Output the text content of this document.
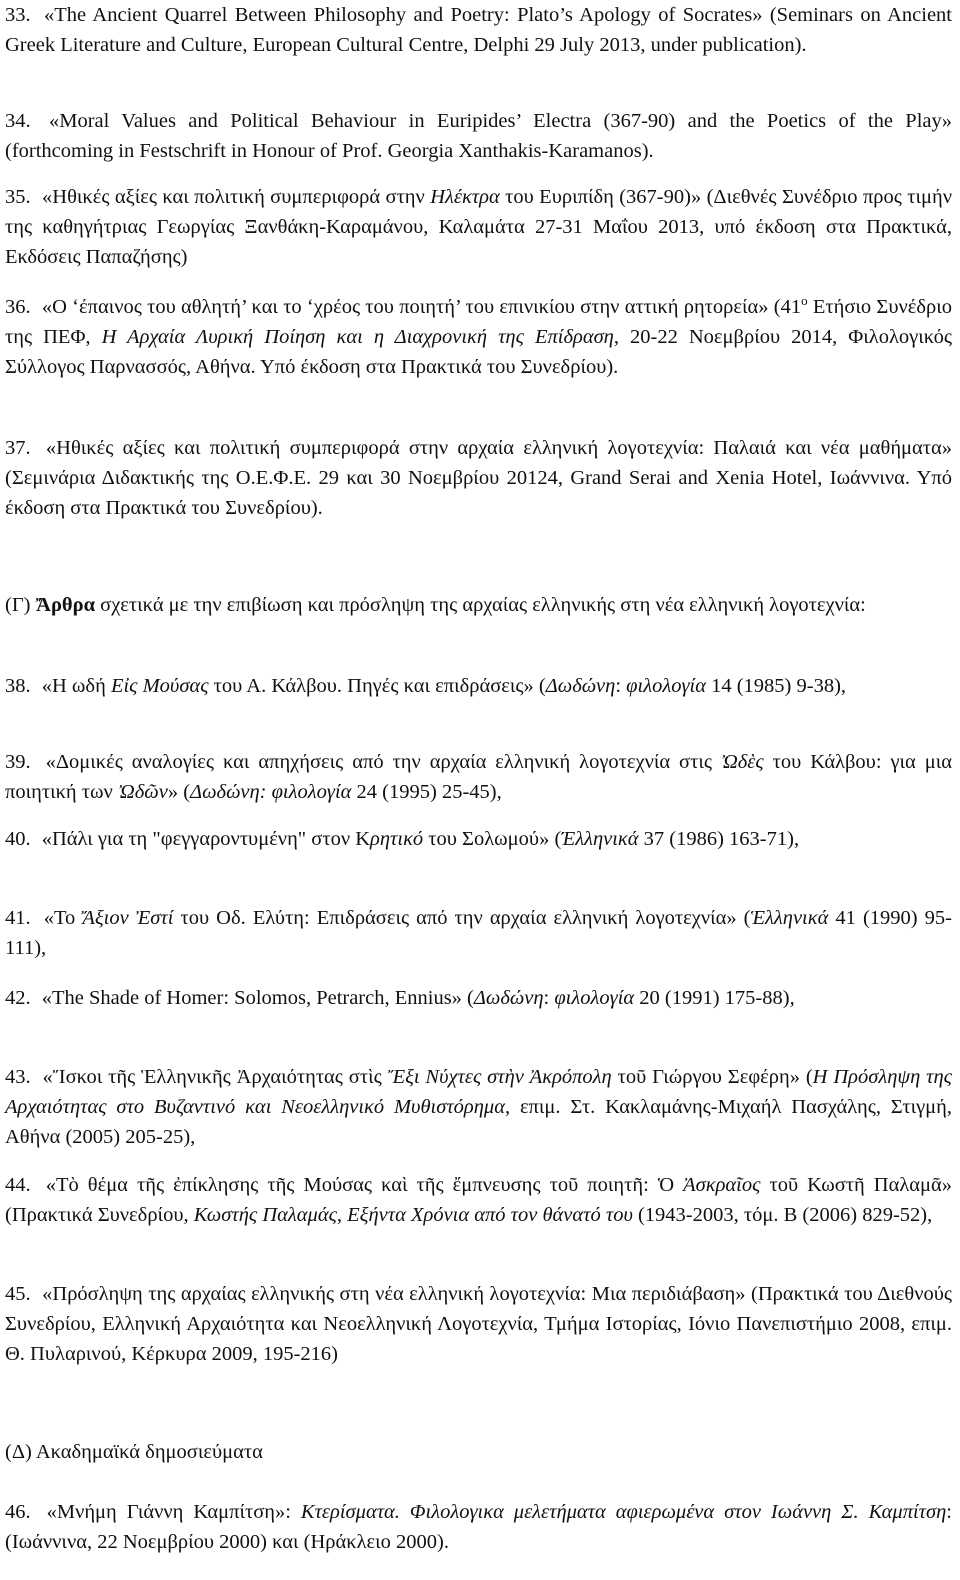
33. «The Ancient Quarrel Between Philosophy and Poetry: Plato’s Apology of Socrates» (Seminars on Ancient Greek Literature and Culture, European Cultural Centre, Delphi 29 July 2013, under publication).
34. «Moral Values and Political Behaviour in Euripides’ Electra (367-90) and the Poetics of the Play» (forthcoming in Festschrift in Honour of Prof. Georgia Xanthakis-Karamanos).
35. «Ηθικές αξίες και πολιτική συμπεριφορά στην Ηλέκτρα του Ευριπίδη (367-90)» (Διεθνές Συνέδριο προς τιμήν της καθηγήτριας Γεωργίας Ξανθάκη-Καραμάνου, Καλαμάτα 27-31 Μαΐου 2013, υπό έκδοση στα Πρακτικά, Εκδόσεις Παπαζήσης)
36. «Ο ‘έπαινος του αθλητή’ και το ‘χρέος του ποιητή’ του επινικίου στην αττική ρητορεία» ($41^o$ Ετήσιο Συνέδριο της ΠΕΦ, Η Αρχαία Λυρική Ποίηση και η Διαχρονική της Επίδραση, 20-22 Νοεμβρίου 2014, Φιλολογικός Σύλλογος Παρνασσός, Αθήνα. Υπό έκδοση στα Πρακτικά του Συνεδρίου).
37. «Ηθικές αξίες και πολιτική συμπεριφορά στην αρχαία ελληνική λογοτεχνία: Παλαιά και νέα μαθήματα» (Σεμινάρια Διδακτικής της Ο.Ε.Φ.Ε. 29 και 30 Νοεμβρίου 20124, Grand Serai and Xenia Hotel, Ιωάννινα. Υπό έκδοση στα Πρακτικά του Συνεδρίου).
(Γ) Ἄρθρα σχετικά με την επιβίωση και πρόσληψη της αρχαίας ελληνικής στη νέα ελληνική λογοτεχνία:
38. «Η ωδή Εἰς Μούσας του Α. Κάλβου. Πηγές και επιδράσεις» (Δωδώνη: φιλολογία 14 (1985) 9-38),
39. «Δομικές αναλογίες και απηχήσεις από την αρχαία ελληνική λογοτεχνία στις Ὠδὲς του Κάλβου: για μια ποιητική των Ὠδῶν» (Δωδώνη: φιλολογία 24 (1995) 25-45),
40. «Πάλι για τη "φεγγαροντυμένη" στον Κρητικό του Σολωμού» (Έλληνικά 37 (1986) 163-71),
41. «Το Ἄξιον Ἐστί του Οδ. Ελύτη: Επιδράσεις από την αρχαία ελληνική λογοτεχνία» (Ἑλληνικά 41 (1990) 95-111),
42. «The Shade of Homer: Solomos, Petrarch, Ennius» (Δωδώνη: φιλολογία 20 (1991) 175-88),
43. «Ἴσκοι τῆς Ἑλληνικῆς Ἀρχαιότητας στὶς Ἔξι Νύχτες στὴν Ἀκρόπολη τοῦ Γιώργου Σεφέρη» (Η Πρόσληψη της Αρχαιότητας στο Βυζαντινό και Νεοελληνικό Μυθιστόρημα, επιμ. Στ. Κακλαμάνης-Μιχαήλ Πασχάλης, Στιγμή, Αθήνα (2005) 205-25),
44. «Τὸ θέμα τῆς ἐπίκλησης τῆς Μούσας καὶ τῆς ἔμπνευσης τοῦ ποιητῆ: Ὁ Ἀσκραῖος τοῦ Κωστῆ Παλαμᾶ» (Πρακτικά Συνεδρίου, Κωστής Παλαμάς, Εξήντα Χρόνια από τον θάνατό του (1943-2003, τόμ. Β (2006) 829-52),
45. «Πρόσληψη της αρχαίας ελληνικής στη νέα ελληνική λογοτεχνία: Μια περιδιάβαση» (Πρακτικά του Διεθνούς Συνεδρίου, Ελληνική Αρχαιότητα και Νεοελληνική Λογοτεχνία, Τμήμα Ιστορίας, Ιόνιο Πανεπιστήμιο 2008, επιμ. Θ. Πυλαρινού, Κέρκυρα 2009, 195-216)
(Δ) Ακαδημαϊκά δημοσιεύματα
46. «Μνήμη Γιάννη Καμπίτση»: Κτερίσματα. Φιλολογικα μελετήματα αφιερωμένα στον Ιωάννη Σ. Καμπίτση: (Ιωάννινα, 22 Νοεμβρίου 2000) και (Ηράκλειο 2000).
